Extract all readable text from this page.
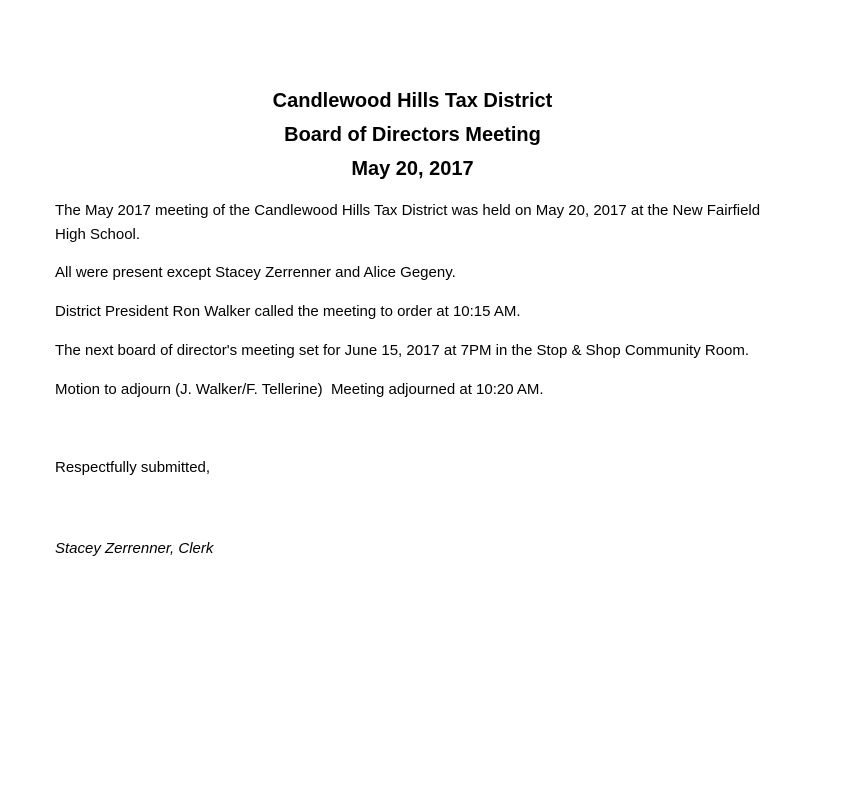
Candlewood Hills Tax District
Board of Directors Meeting
May 20, 2017
The May 2017 meeting of the Candlewood Hills Tax District was held on May 20, 2017 at the New Fairfield High School.
All were present except Stacey Zerrenner and Alice Gegeny.
District President Ron Walker called the meeting to order at 10:15 AM.
The next board of director's meeting set for June 15, 2017 at 7PM in the Stop & Shop Community Room.
Motion to adjourn (J. Walker/F. Tellerine)  Meeting adjourned at 10:20 AM.
Respectfully submitted,
Stacey Zerrenner, Clerk
